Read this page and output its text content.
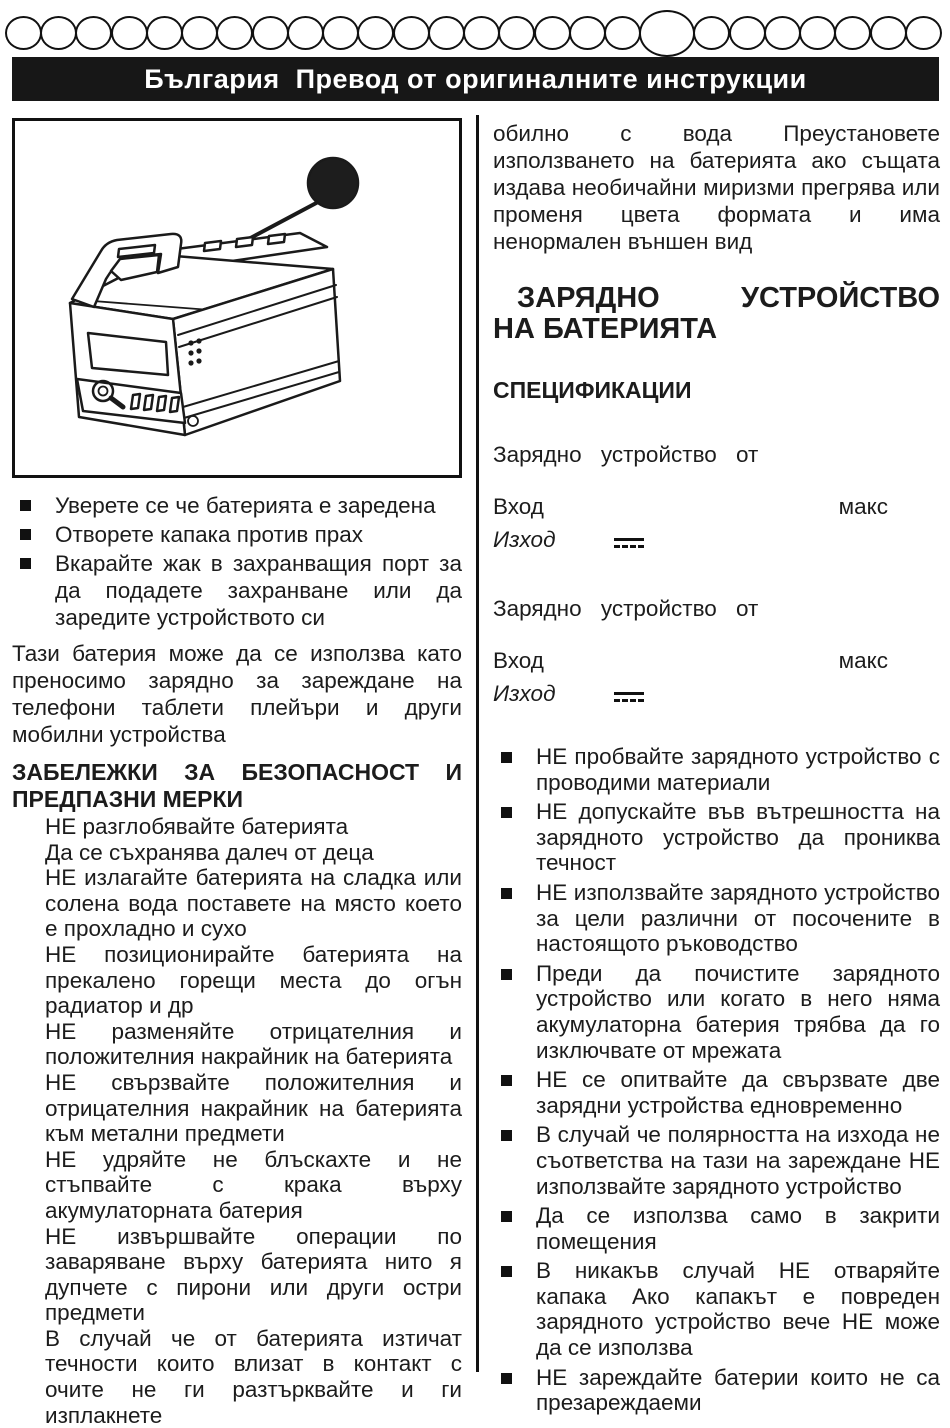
България  Превод от оригиналните инструкции
Уверете се че батерията е заредена
Отворете капака против прах
Вкарайте жак в захранващия порт за да подадете захранване или да заредите устройството си

Тази батерия може да се използва като преносимо зарядно за зареждане на телефони таблети плейъри и други мобилни устройства

ЗАБЕЛЕЖКИ ЗА БЕЗОПАСНОСТ И ПРЕДПАЗНИ МЕРКИ

НЕ разглобявайте батерията

Да се съхранява далеч от деца

НЕ излагайте батерията на сладка или солена вода поставете на място което е прохладно и сухо

НЕ позиционирайте батерията на прекалено горещи места до огън радиатор и др

НЕ разменяйте отрицателния и положителния накрайник на батерията

НЕ свързвайте положителния и отрицателния накрайник на батерията към метални предмети

НЕ удряйте не блъскахте и не стъпвайте с крака върху акумулаторната батерия

НЕ извършвайте операции по заваряване върху батерията нито я дупчете с пирони или други остри предмети

В случай че от батерията изтичат течности които влизат в контакт с очите не ги разтърквайте и ги изплакнете

обилно с вода Преустановете използването на батерията ако същата издава необичайни миризми прегрява или променя цвета формата и има ненормален външен вид

ЗАРЯДНО УСТРОЙСТВО
НА БАТЕРИЯТА
СПЕЦИФИКАЦИИ

Зарядно устройство от

Вход	макс
Изход

Зарядно устройство от

Вход	макс
Изход
НЕ пробвайте зарядното устройство с проводими материали
НЕ допускайте във вътрешността на зарядното устройство да прониква течност
НЕ използвайте зарядното устройство за цели различни от посочените в настоящото ръководство
Преди да почистите зарядното устройство или когато в него няма акумулаторна батерия трябва да го изключвате от мрежата
НЕ се опитвайте да свързвате две зарядни устройства едновременно
В случай че полярността на изхода не съответства на тази на зареждане НЕ използвайте зарядното устройство
Да се използва само в закрити помещения
В никакъв случай НЕ отваряйте капака Ако капакът е повреден зарядното устройство вече НЕ може да се използва
НЕ зареждайте батерии които не са презареждаеми
